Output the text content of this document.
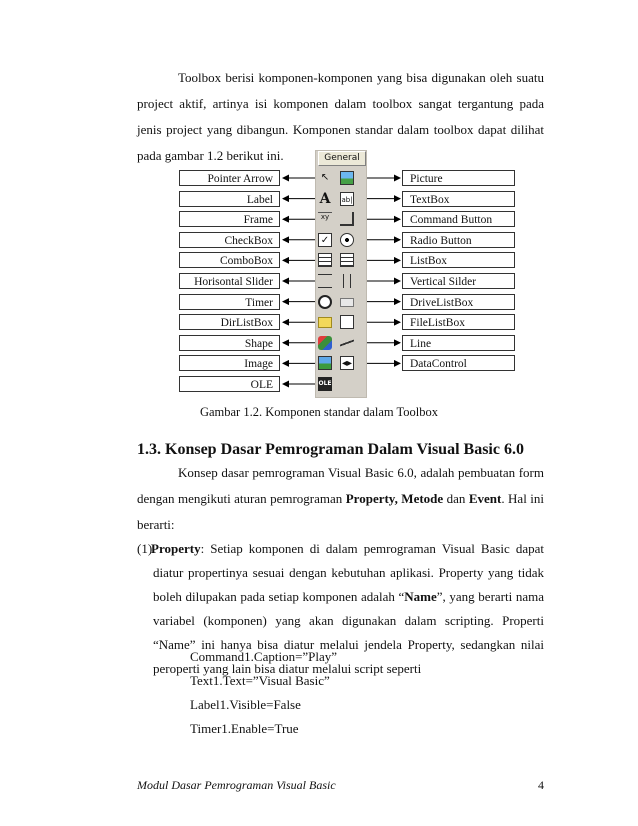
Toolbox berisi komponen-komponen yang bisa digunakan oleh suatu project aktif, artinya isi komponen dalam toolbox sangat tergantung pada jenis project yang dibangun. Komponen standar dalam toolbox dapat dilihat pada gambar 1.2 berikut ini.	General
Pointer Arrow
Label
Frame
CheckBox
ComboBox
Horisontal Slider
Timer
DirListBox
Shape
Image
OLE
Picture
TextBox
Command Button
Radio Button
ListBox
Vertical Silder
DriveListBox
FileListBox
Line
DataControl
↖
A
xy
✓
OLE
ab|
◂▸
Gambar 1.2. Komponen standar dalam Toolbox
1.3. Konsep Dasar Pemrograman Dalam Visual Basic 6.0

Konsep dasar pemrograman Visual Basic 6.0, adalah pembuatan form dengan mengikuti aturan pemrograman Property, Metode dan Event. Hal ini berarti:

(1)
Property: Setiap komponen di dalam pemrograman Visual Basic dapat diatur propertinya sesuai dengan kebutuhan aplikasi. Property yang tidak boleh dilupakan pada setiap komponen adalah “Name”, yang berarti nama variabel (komponen) yang akan digunakan dalam scripting. Properti “Name” ini hanya bisa diatur melalui jendela Property, sedangkan nilai peroperti yang lain bisa diatur melalui script seperti
Command1.Caption=”Play”
Text1.Text=”Visual Basic”
Label1.Visible=False
Timer1.Enable=True
Modul Dasar Pemrograman Visual Basic	4
